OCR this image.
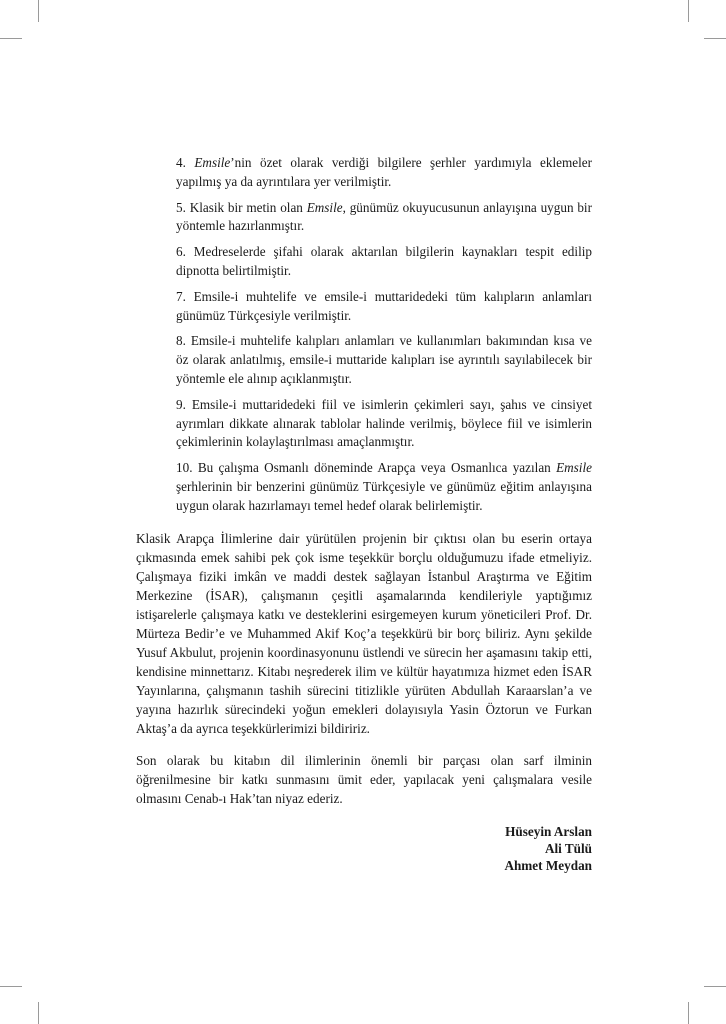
4. Emsile’nin özet olarak verdiği bilgilere şerhler yardımıyla eklemeler yapılmış ya da ayrıntılara yer verilmiştir.

5. Klasik bir metin olan Emsile, günümüz okuyucusunun anlayışına uygun bir yöntemle hazırlanmıştır.

6. Medreselerde şifahi olarak aktarılan bilgilerin kaynakları tespit edilip dipnotta belirtilmiştir.

7. Emsile-i muhtelife ve emsile-i muttaridedeki tüm kalıpların anlamları günümüz Türkçesiyle verilmiştir.

8. Emsile-i muhtelife kalıpları anlamları ve kullanımları bakımından kısa ve öz olarak anlatılmış, emsile-i muttaride kalıpları ise ayrıntılı sayılabilecek bir yöntemle ele alınıp açıklanmıştır.

9. Emsile-i muttaridedeki fiil ve isimlerin çekimleri sayı, şahıs ve cinsiyet ayrımları dikkate alınarak tablolar halinde verilmiş, böylece fiil ve isimlerin çekimlerinin kolaylaştırılması amaçlanmıştır.

10. Bu çalışma Osmanlı döneminde Arapça veya Osmanlıca yazılan Emsile şerhlerinin bir benzerini günümüz Türkçesiyle ve günümüz eğitim anlayışına uygun olarak hazırlamayı temel hedef olarak belirlemiştir.

Klasik Arapça İlimlerine dair yürütülen projenin bir çıktısı olan bu eserin ortaya çıkmasında emek sahibi pek çok isme teşekkür borçlu olduğumuzu ifade etmeliyiz. Çalışmaya fiziki imkân ve maddi destek sağlayan İstanbul Araştırma ve Eğitim Merkezine (İSAR), çalışmanın çeşitli aşamalarında kendileriyle yaptığımız istişarelerle çalışmaya katkı ve desteklerini esirgemeyen kurum yöneticileri Prof. Dr. Mürteza Bedir’e ve Muhammed Akif Koç’a teşekkürü bir borç biliriz. Aynı şekilde Yusuf Akbulut, projenin koordinasyonunu üstlendi ve sürecin her aşamasını takip etti, kendisine minnettarız. Kitabı neşrederek ilim ve kültür hayatımıza hizmet eden İSAR Yayınlarına, çalışmanın tashih sürecini titizlikle yürüten Abdullah Karaarslan’a ve yayına hazırlık sürecindeki yoğun emekleri dolayısıyla Yasin Öztorun ve Furkan Aktaş’a da ayrıca teşekkürlerimizi bildiririz.

Son olarak bu kitabın dil ilimlerinin önemli bir parçası olan sarf ilminin öğrenilmesine bir katkı sunmasını ümit eder, yapılacak yeni çalışmalara vesile olmasını Cenab-ı Hak’tan niyaz ederiz.

Hüseyin Arslan
Ali Tülü
Ahmet Meydan
